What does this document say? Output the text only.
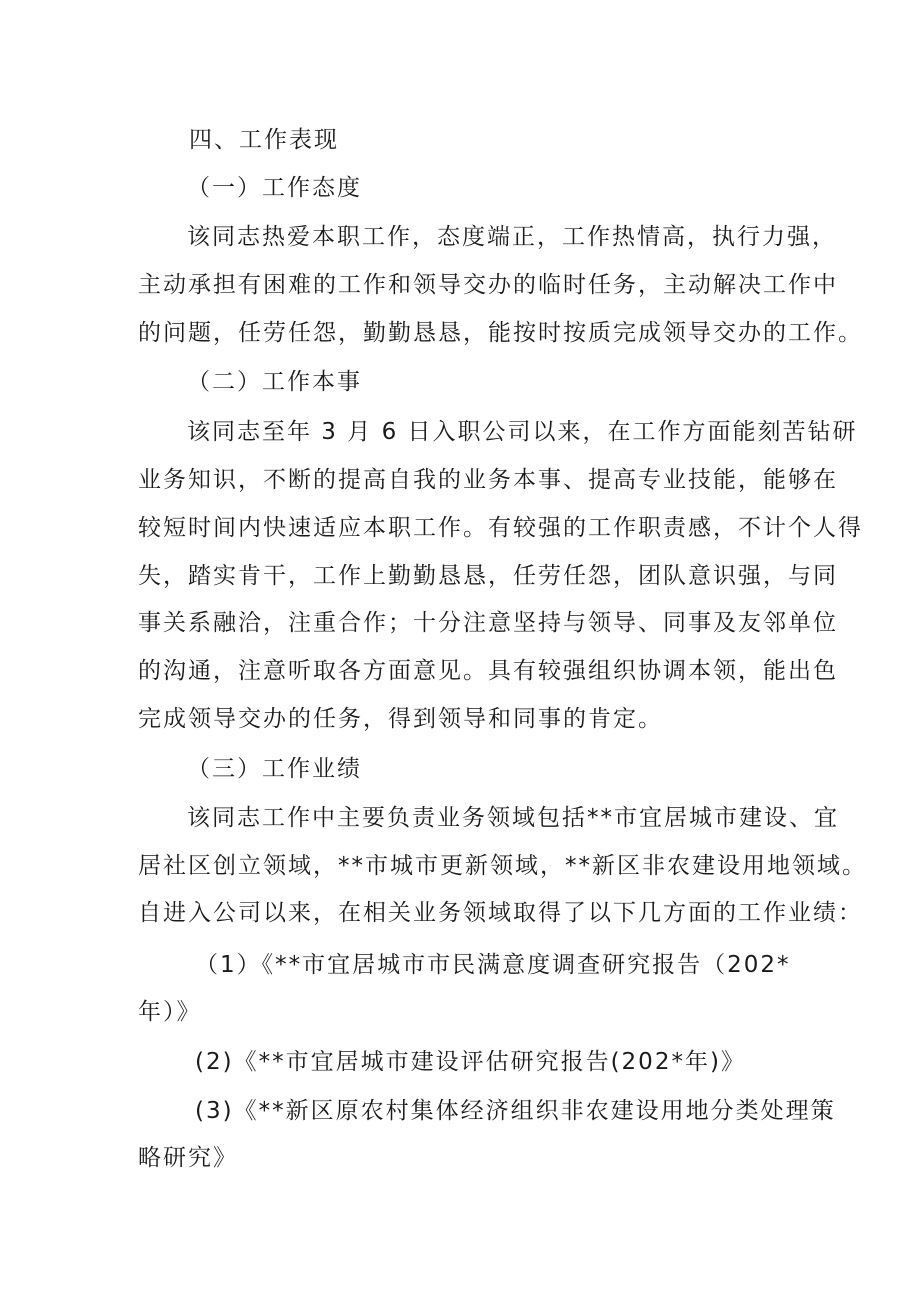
四、工作表现
（一）工作态度
该同志热爱本职工作，态度端正，工作热情高，执行力强，
主动承担有困难的工作和领导交办的临时任务，主动解决工作中
的问题，任劳任怨，勤勤恳恳，能按时按质完成领导交办的工作。
（二）工作本事
该同志至年 3 月 6 日入职公司以来，在工作方面能刻苦钻研
业务知识，不断的提高自我的业务本事、提高专业技能，能够在
较短时间内快速适应本职工作。有较强的工作职责感，不计个人得
失，踏实肯干，工作上勤勤恳恳，任劳任怨，团队意识强，与同
事关系融洽，注重合作；十分注意坚持与领导、同事及友邻单位
的沟通，注意听取各方面意见。具有较强组织协调本领，能出色
完成领导交办的任务，得到领导和同事的肯定。
（三）工作业绩
该同志工作中主要负责业务领域包括**市宜居城市建设、宜
居社区创立领域，**市城市更新领域，**新区非农建设用地领域。
自进入公司以来，在相关业务领域取得了以下几方面的工作业绩：
（1）《**市宜居城市市民满意度调查研究报告（202*
年）》
(2)《**市宜居城市建设评估研究报告(202*年)》
(3)《**新区原农村集体经济组织非农建设用地分类处理策
略研究》
